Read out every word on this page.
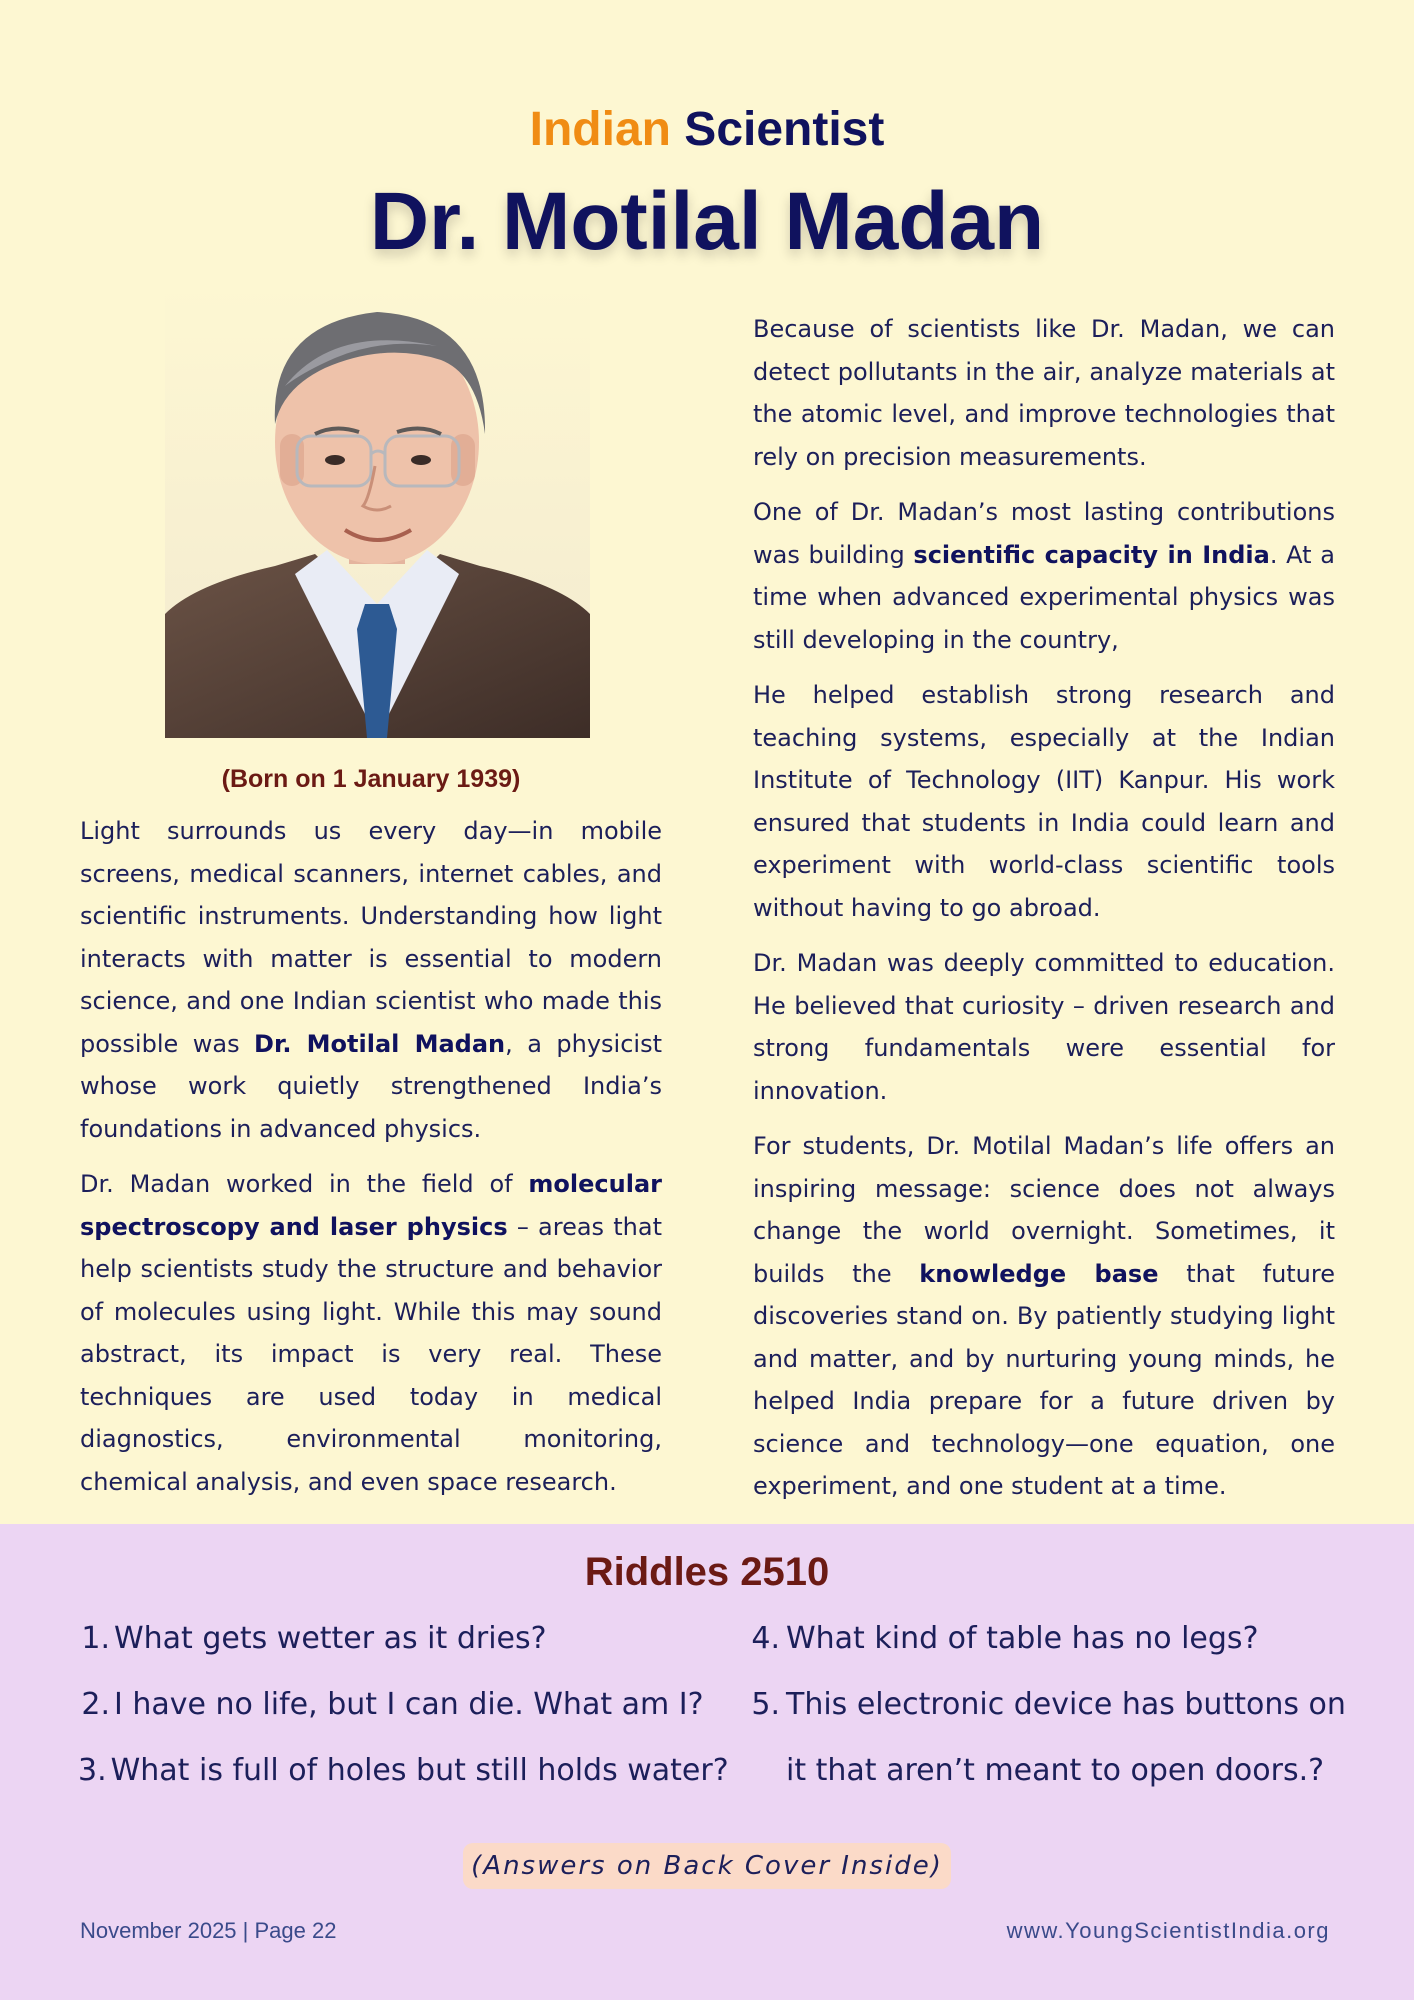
Indian Scientist
Dr. Motilal Madan
(Born on 1 January 1939)

Light surrounds us every day—in mobile screens, medical scanners, internet cables, and scientific instruments. Understanding how light interacts with matter is essential to modern science, and one Indian scientist who made this possible was Dr. Motilal Madan, a physicist whose work quietly strengthened India’s foundations in advanced physics.

Dr. Madan worked in the field of molecular spectroscopy and laser physics – areas that help scientists study the structure and behavior of molecules using light. While this may sound abstract, its impact is very real. These techniques are used today in medical diagnostics, environmental monitoring, chemical analysis, and even space research.

Because of scientists like Dr. Madan, we can detect pollutants in the air, analyze materials at the atomic level, and improve technologies that rely on precision measurements.

One of Dr. Madan’s most lasting contributions was building scientific capacity in India. At a time when advanced experimental physics was still developing in the country,

He helped establish strong research and teaching systems, especially at the Indian Institute of Technology (IIT) Kanpur. His work ensured that students in India could learn and experiment with world-class scientific tools without having to go abroad.

Dr. Madan was deeply committed to education. He believed that curiosity – driven research and strong fundamentals were essential for innovation.

For students, Dr. Motilal Madan’s life offers an inspiring message: science does not always change the world overnight. Sometimes, it builds the knowledge base that future discoveries stand on. By patiently studying light and matter, and by nurturing young minds, he helped India prepare for a future driven by science and technology—one equation, one experiment, and one student at a time.

Riddles 2510
1. What gets wetter as it dries?
2. I have no life, but I can die. What am I?
3. What is full of holes but still holds water?
4. What kind of table has no legs?
5. This electronic device has buttons on
it that aren’t meant to open doors.?
(Answers on Back Cover Inside)
November 2025 | Page 22	www.YoungScientistIndia.org
